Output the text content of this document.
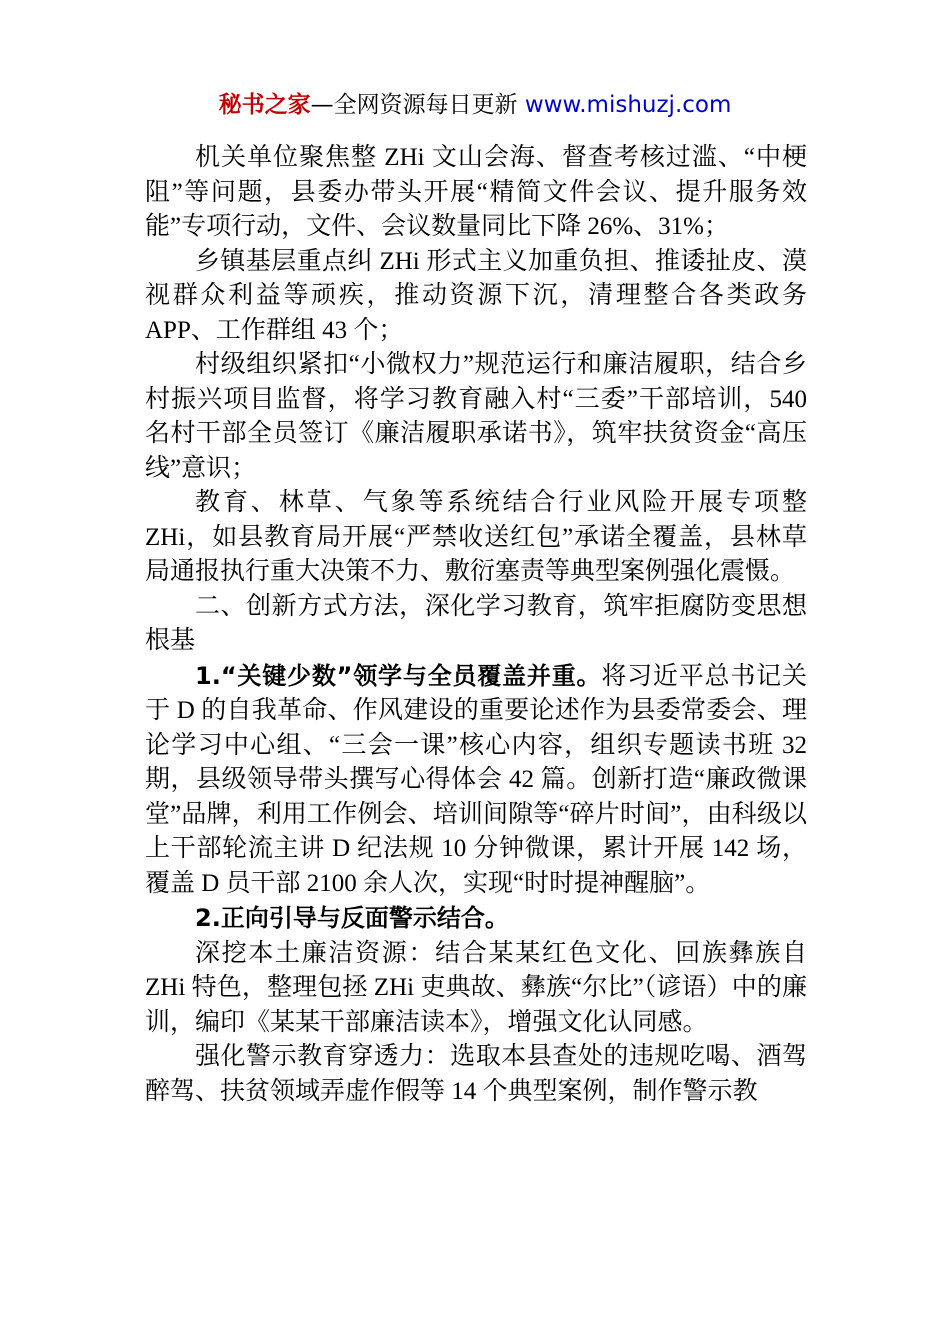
秘书之家—全网资源每日更新 www.mishuzj.com

机关单位聚焦整 ZHi 文山会海、督查考核过滥、“中梗阻”等问题，县委办带头开展“精简文件会议、提升服务效能”专项行动，文件、会议数量同比下降 26%、31%；

乡镇基层重点纠 ZHi 形式主义加重负担、推诿扯皮、漠视群众利益等顽疾，推动资源下沉，清理整合各类政务 APP、工作群组 43 个；

村级组织紧扣“小微权力”规范运行和廉洁履职，结合乡村振兴项目监督，将学习教育融入村“三委”干部培训，540 名村干部全员签订《廉洁履职承诺书》，筑牢扶贫资金“高压线”意识；

教育、林草、气象等系统结合行业风险开展专项整 ZHi，如县教育局开展“严禁收送红包”承诺全覆盖，县林草局通报执行重大决策不力、敷衍塞责等典型案例强化震慑。

二、创新方式方法，深化学习教育，筑牢拒腐防变思想根基

1.“关键少数”领学与全员覆盖并重。将习近平总书记关于 D 的自我革命、作风建设的重要论述作为县委常委会、理论学习中心组、“三会一课”核心内容，组织专题读书班 32 期，县级领导带头撰写心得体会 42 篇。创新打造“廉政微课堂”品牌，利用工作例会、培训间隙等“碎片时间”，由科级以上干部轮流主讲 D 纪法规 10 分钟微课，累计开展 142 场，覆盖 D 员干部 2100 余人次，实现“时时提神醒脑”。

2.正向引导与反面警示结合。

深挖本土廉洁资源：结合某某红色文化、回族彝族自 ZHi 特色，整理包拯 ZHi 吏典故、彝族“尔比”（谚语）中的廉训，编印《某某干部廉洁读本》，增强文化认同感。

强化警示教育穿透力：选取本县查处的违规吃喝、酒驾醉驾、扶贫领域弄虚作假等 14 个典型案例，制作警示教
